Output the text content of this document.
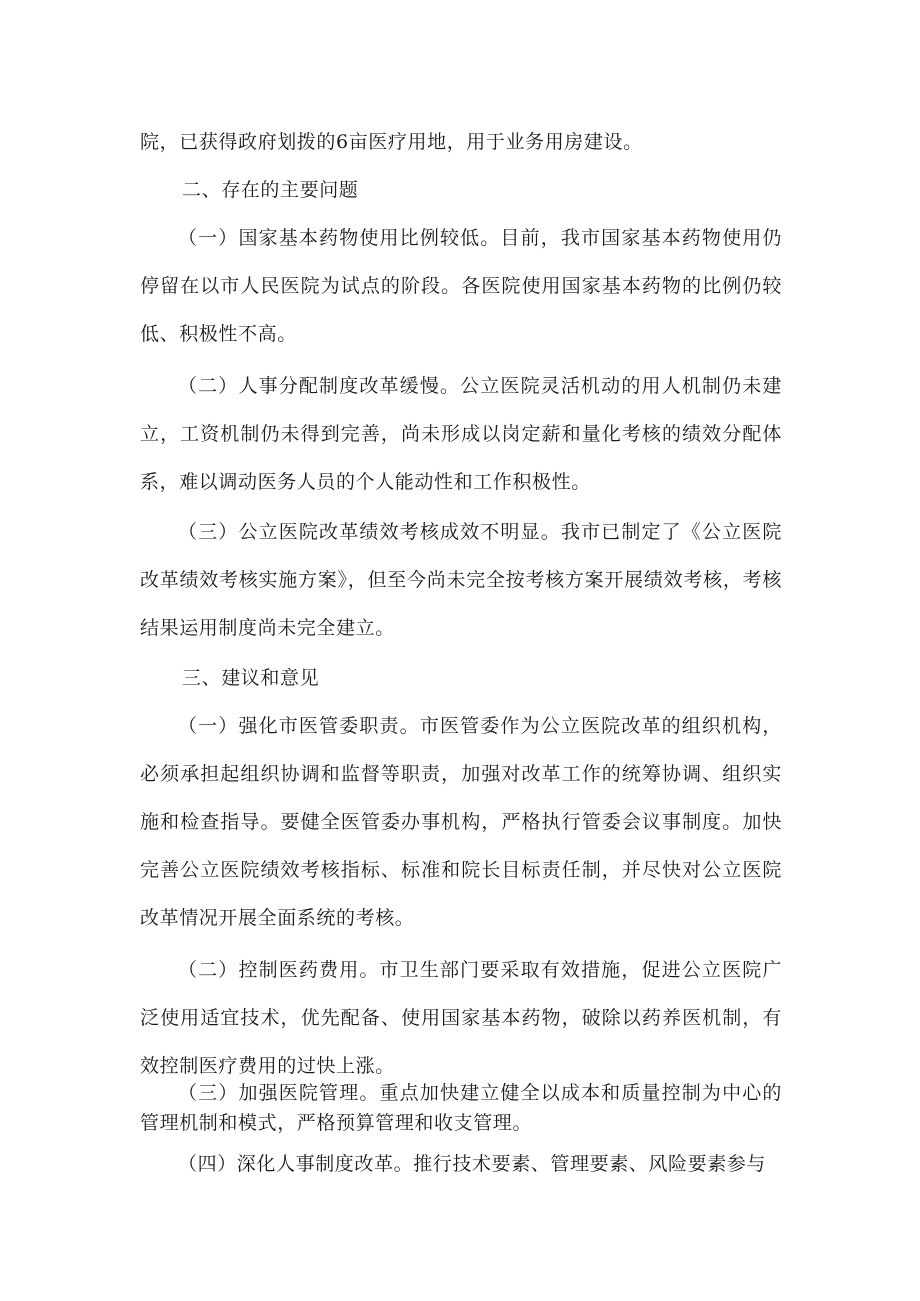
院，已获得政府划拨的6亩医疗用地，用于业务用房建设。

二、存在的主要问题

（一）国家基本药物使用比例较低。目前，我市国家基本药物使用仍停留在以市人民医院为试点的阶段。各医院使用国家基本药物的比例仍较低、积极性不高。

（二）人事分配制度改革缓慢。公立医院灵活机动的用人机制仍未建立，工资机制仍未得到完善，尚未形成以岗定薪和量化考核的绩效分配体系，难以调动医务人员的个人能动性和工作积极性。

（三）公立医院改革绩效考核成效不明显。我市已制定了《公立医院改革绩效考核实施方案》，但至今尚未完全按考核方案开展绩效考核，考核结果运用制度尚未完全建立。

三、建议和意见

（一）强化市医管委职责。市医管委作为公立医院改革的组织机构，必须承担起组织协调和监督等职责，加强对改革工作的统筹协调、组织实施和检查指导。要健全医管委办事机构，严格执行管委会议事制度。加快完善公立医院绩效考核指标、标准和院长目标责任制，并尽快对公立医院改革情况开展全面系统的考核。

（二）控制医药费用。市卫生部门要采取有效措施，促进公立医院广泛使用适宜技术，优先配备、使用国家基本药物，破除以药养医机制，有效控制医疗费用的过快上涨。

（三）加强医院管理。重点加快建立健全以成本和质量控制为中心的管理机制和模式，严格预算管理和收支管理。

（四）深化人事制度改革。推行技术要素、管理要素、风险要素参与
